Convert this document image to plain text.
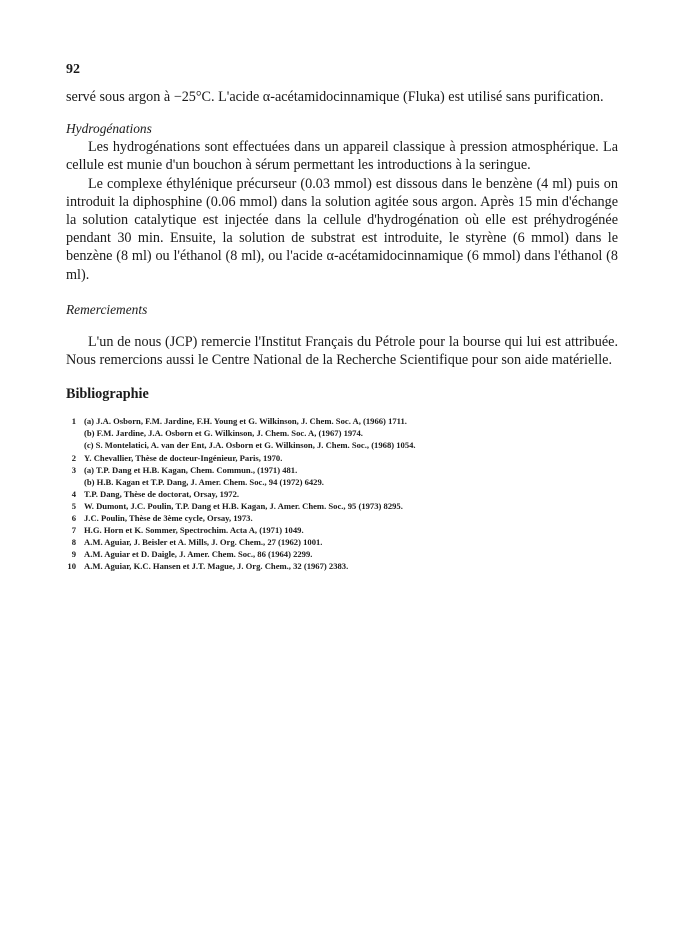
92

servé sous argon à −25°C. L'acide α-acétamidocinnamique (Fluka) est utilisé sans purification.

Hydrogénations

Les hydrogénations sont effectuées dans un appareil classique à pression atmosphérique. La cellule est munie d'un bouchon à sérum permettant les introductions à la seringue.

Le complexe éthylénique précurseur (0.03 mmol) est dissous dans le benzène (4 ml) puis on introduit la diphosphine (0.06 mmol) dans la solution agitée sous argon. Après 15 min d'échange la solution catalytique est injectée dans la cellule d'hydrogénation où elle est préhydrogénée pendant 30 min. Ensuite, la solution de substrat est introduite, le styrène (6 mmol) dans le benzène (8 ml) ou l'éthanol (8 ml), ou l'acide α-acétamidocinnamique (6 mmol) dans l'éthanol (8 ml).

Remerciements

L'un de nous (JCP) remercie l'Institut Français du Pétrole pour la bourse qui lui est attribuée. Nous remercions aussi le Centre National de la Recherche Scientifique pour son aide matérielle.

Bibliographie
1 (a) J.A. Osborn, F.M. Jardine, F.H. Young et G. Wilkinson, J. Chem. Soc. A, (1966) 1711.
(b) F.M. Jardine, J.A. Osborn et G. Wilkinson, J. Chem. Soc. A, (1967) 1974.
(c) S. Montelatici, A. van der Ent, J.A. Osborn et G. Wilkinson, J. Chem. Soc., (1968) 1054.
2 Y. Chevallier, Thèse de docteur-Ingénieur, Paris, 1970.
3 (a) T.P. Dang et H.B. Kagan, Chem. Commun., (1971) 481.
(b) H.B. Kagan et T.P. Dang, J. Amer. Chem. Soc., 94 (1972) 6429.
4 T.P. Dang, Thèse de doctorat, Orsay, 1972.
5 W. Dumont, J.C. Poulin, T.P. Dang et H.B. Kagan, J. Amer. Chem. Soc., 95 (1973) 8295.
6 J.C. Poulin, Thèse de 3ème cycle, Orsay, 1973.
7 H.G. Horn et K. Sommer, Spectrochim. Acta A, (1971) 1049.
8 A.M. Aguiar, J. Beisler et A. Mills, J. Org. Chem., 27 (1962) 1001.
9 A.M. Aguiar et D. Daigle, J. Amer. Chem. Soc., 86 (1964) 2299.
10 A.M. Aguiar, K.C. Hansen et J.T. Mague, J. Org. Chem., 32 (1967) 2383.
